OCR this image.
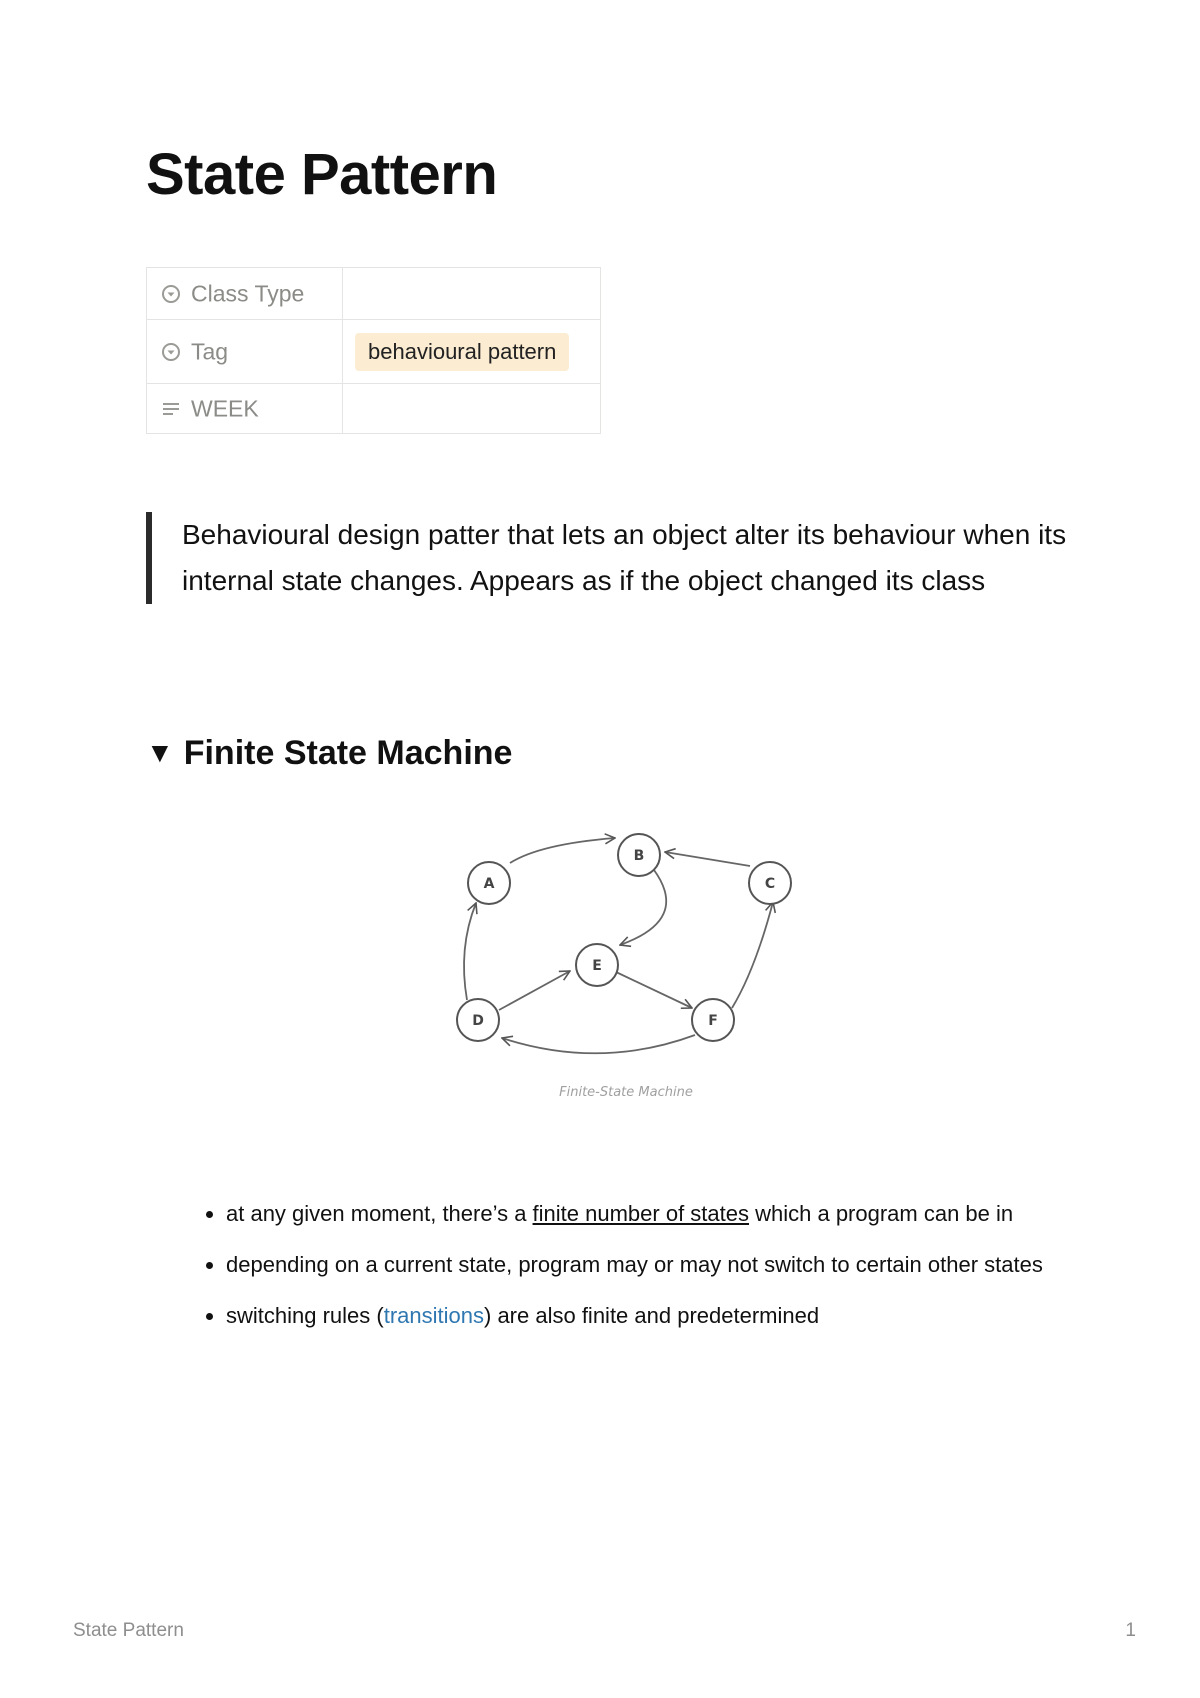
State Pattern
Class Type	
Tag	behavioural pattern
WEEK	
Behavioural design patter that lets an object alter its behaviour when its internal state changes. Appears as if the object changed its class
▼ Finite State Machine
A
B
C
D
E
F
Finite-State Machine
• at any given moment, there’s a finite number of states which a program can be in
• depending on a current state, program may or may not switch to certain other states
• switching rules (transitions) are also finite and predetermined
State Pattern	1
